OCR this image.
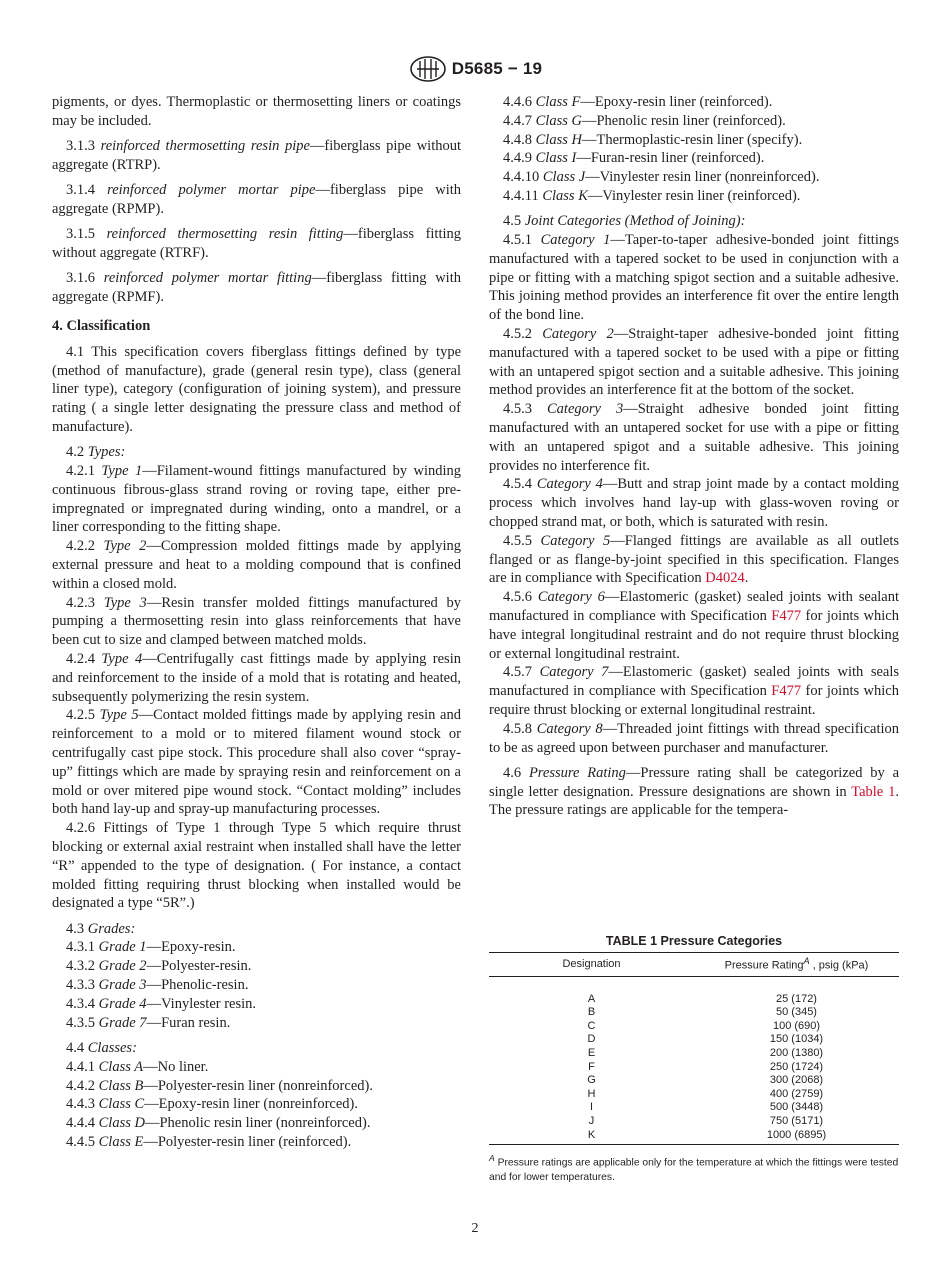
D5685 − 19

pigments, or dyes. Thermoplastic or thermosetting liners or coatings may be included.

3.1.3 reinforced thermosetting resin pipe—fiberglass pipe without aggregate (RTRP).

3.1.4 reinforced polymer mortar pipe—fiberglass pipe with aggregate (RPMP).

3.1.5 reinforced thermosetting resin fitting—fiberglass fitting without aggregate (RTRF).

3.1.6 reinforced polymer mortar fitting—fiberglass fitting with aggregate (RPMF).

4. Classification

4.1 This specification covers fiberglass fittings defined by type (method of manufacture), grade (general resin type), class (general liner type), category (configuration of joining system), and pressure rating ( a single letter designating the pressure class and method of manufacture).

4.2 Types:

4.2.1 Type 1—Filament-wound fittings manufactured by winding continuous fibrous-glass strand roving or roving tape, either pre-impregnated or impregnated during winding, onto a mandrel, or a liner corresponding to the fitting shape.

4.2.2 Type 2—Compression molded fittings made by applying external pressure and heat to a molding compound that is confined within a closed mold.

4.2.3 Type 3—Resin transfer molded fittings manufactured by pumping a thermosetting resin into glass reinforcements that have been cut to size and clamped between matched molds.

4.2.4 Type 4—Centrifugally cast fittings made by applying resin and reinforcement to the inside of a mold that is rotating and heated, subsequently polymerizing the resin system.

4.2.5 Type 5—Contact molded fittings made by applying resin and reinforcement to a mold or to mitered filament wound stock or centrifugally cast pipe stock. This procedure shall also cover “spray-up” fittings which are made by spraying resin and reinforcement on a mold or over mitered pipe wound stock. “Contact molding” includes both hand lay-up and spray-up manufacturing processes.

4.2.6 Fittings of Type 1 through Type 5 which require thrust blocking or external axial restraint when installed shall have the letter “R” appended to the type of designation. ( For instance, a contact molded fitting requiring thrust blocking when installed would be designated a type “5R”.)

4.3 Grades:

4.3.1 Grade 1—Epoxy-resin.

4.3.2 Grade 2—Polyester-resin.

4.3.3 Grade 3—Phenolic-resin.

4.3.4 Grade 4—Vinylester resin.

4.3.5 Grade 7—Furan resin.

4.4 Classes:

4.4.1 Class A—No liner.

4.4.2 Class B—Polyester-resin liner (nonreinforced).

4.4.3 Class C—Epoxy-resin liner (nonreinforced).

4.4.4 Class D—Phenolic resin liner (nonreinforced).

4.4.5 Class E—Polyester-resin liner (reinforced).

4.4.6 Class F—Epoxy-resin liner (reinforced).

4.4.7 Class G—Phenolic resin liner (reinforced).

4.4.8 Class H—Thermoplastic-resin liner (specify).

4.4.9 Class I—Furan-resin liner (reinforced).

4.4.10 Class J—Vinylester resin liner (nonreinforced).

4.4.11 Class K—Vinylester resin liner (reinforced).

4.5 Joint Categories (Method of Joining):

4.5.1 Category 1—Taper-to-taper adhesive-bonded joint fittings manufactured with a tapered socket to be used in conjunction with a pipe or fitting with a matching spigot section and a suitable adhesive. This joining method provides an interference fit over the entire length of the bond line.

4.5.2 Category 2—Straight-taper adhesive-bonded joint fitting manufactured with a tapered socket to be used with a pipe or fitting with an untapered spigot section and a suitable adhesive. This joining method provides an interference fit at the bottom of the socket.

4.5.3 Category 3—Straight adhesive bonded joint fitting manufactured with an untapered socket for use with a pipe or fitting with an untapered spigot and a suitable adhesive. This joining provides no interference fit.

4.5.4 Category 4—Butt and strap joint made by a contact molding process which involves hand lay-up with glass-woven roving or chopped strand mat, or both, which is saturated with resin.

4.5.5 Category 5—Flanged fittings are available as all outlets flanged or as flange-by-joint specified in this specification. Flanges are in compliance with Specification D4024.

4.5.6 Category 6—Elastomeric (gasket) sealed joints with sealant manufactured in compliance with Specification F477 for joints which have integral longitudinal restraint and do not require thrust blocking or external longitudinal restraint.

4.5.7 Category 7—Elastomeric (gasket) sealed joints with seals manufactured in compliance with Specification F477 for joints which require thrust blocking or external longitudinal restraint.

4.5.8 Category 8—Threaded joint fittings with thread specification to be as agreed upon between purchaser and manufacturer.

4.6 Pressure Rating—Pressure rating shall be categorized by a single letter designation. Pressure designations are shown in Table 1. The pressure ratings are applicable for the tempera-

TABLE 1 Pressure Categories
Designation	Pressure Rating$^A$ , psig (kPa)
A	25 (172)
B	50 (345)
C	100 (690)
D	150 (1034)
E	200 (1380)
F	250 (1724)
G	300 (2068)
H	400 (2759)
I	500 (3448)
J	750 (5171)
K	1000 (6895)
$^A$ Pressure ratings are applicable only for the temperature at which the fittings were tested and for lower temperatures.
2
